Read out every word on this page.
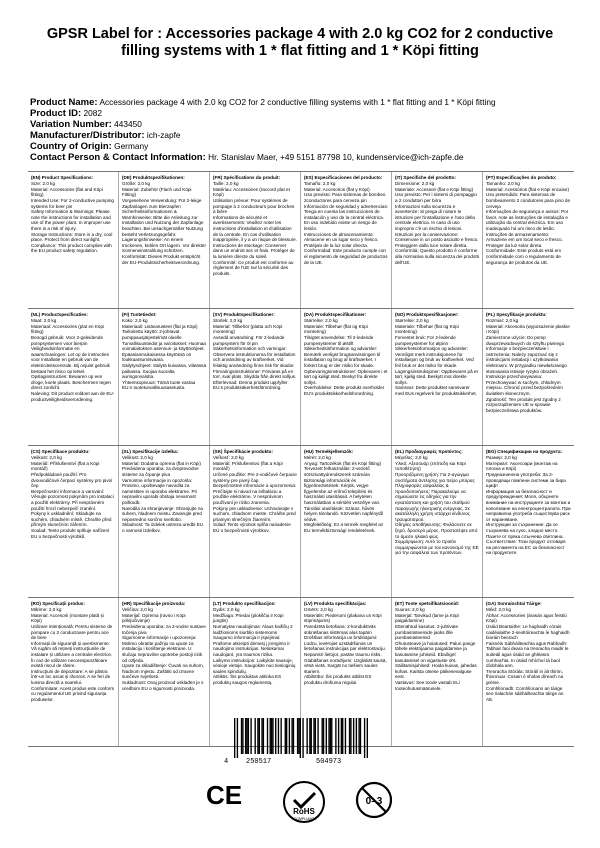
GPSR Label for : Accessories package 4 with 2.0 kg CO2 for 2 conductive filling systems with 1 * flat fitting and 1 * Köpi fitting
Product Name: Accessories package 4 with 2.0 kg CO2 for 2 conductive filling systems with 1 * flat fitting and 1 * Köpi fitting
Product ID: 2082
Variation Number: 443450
Manufacturer/Distributor: ich-zapfe
Country of Origin: Germany
Contact Person & Contact Information: Hr. Stanislav Maer, +49 5151 87798 10, kundenservice@ich-zapfe.de
(EN) Product Specifications:

Size: 2.0 kg
Material: Accessories (flat and Köpi fitting)
Intended Use: For 2-conductive pumping systems for beer pin
Safety Information & Warnings: Please note the instructions for installation and use of the power plant. In improper use there is a risk of injury.
Storage Instructions: Store in a dry, cool place. Protect from direct sunlight.
Compliance: This product complies with the EU product safety regulation.

(DE) Produktspezifikationen:

Größe: 2,0 kg
Material: Zubehör (Flach und Köpi Fitting)
Vorgesehene Verwendung: Für 2-leiige Zapfanlagen zum Bierzapfen
Sicherheitsinformationen & Warnhinweise: Bitte die Anleitung zur Installation und Nutzung der Zapfanlage beachten. Bei unsachgemäßer Nutzung besteht Verletzungsgefahr.
Lagerungshinweise: An einem trockenen, kühlen Ort lagern. Vor direkter Sonneneinstrahlung schützen.
Konformität: Dieses Produkt entspricht der EU-Produktsicherheitsverordnung.

(FR) Spécifications du produit:

Taille: 2,0 kg
Matériau: Accessoires (raccord plat et Köpi)
Utilisation prévue: Pour systèmes de pompage à 2 conducteurs pour broches à bière
Informations de sécurité et avertissements: Veuillez noter les instructions d'installation et d'utilisation de la centrale. En cas d'utilisation inappropriée, il y a un risque de blessure.
Instructions de stockage: Conserver dans un endroit sec et frais. Protéger de la lumière directe du soleil.
Conformité: Ce produit est conforme au règlement de l'UE sur la sécurité des produits.

(ES) Especificaciones del producto:

Tamaño: 2,0 kg
Material: Accesorios (flat y Köpi)
Uso previsto: Para sistemas de bombeo 2conductores para cerveza pin
Información de seguridad y advertencias: Tenga en cuenta las instrucciones de instalación y uso de la central eléctrica. En uso indebido existe un riesgo de lesión.
Instrucciones de almacenamiento: Almacene en un lugar seco y fresco. Protéjalo de la luz solar directa.
Conformidad: Este producto cumple con el reglamento de seguridad de productos de la UE.

(IT) Specifiche del prodotto:

Dimensione: 2,0 kg
Materiale: Accessori (flat e Köpi fitting)
Uso previsto: Per i sistemi di pompaggio a 2 conduttori per birra
Informazioni sulla sicurezza e avvertenze: Si prega di notare le istruzioni per l'installazione e l'uso della centrale elettrica. In caso di uso improprio c'è un rischio di lesioni.
Istruzioni per la conservazione: Conservare in un posto asciutto e fresco. Proteggere dalla luce solare diretta.
Conformità: Questo prodotto è conforme alla normativa sulla sicurezza dei prodotti dell'UE.

(PT) Especificações do produto:

Tamanho: 2,0 kg
Material: Acessórios (flat e Köpi encaixe)
Uso pretendido: Para sistemas de bombeamento 2 condutores para pino de cerveja
Informações de segurança e avisos: Por favor, note as instruções de instalação e utilização da central eléctrica. Em uso inadequado há um risco de lesão.
Instruções de armazenamento: Armazene em um local seco e fresco. Proteger da luz solar direta.
Conformidade: Este produto está em conformidade com o regulamento de segurança de produtos da UE.

(NL) Productspecificaties:

Maat: 2,0 kg
Materiaal: Accessoires (plat en Köpi fitting)
Beoogd gebruik: Voor 2-geleidende pompsystemen voor bierpin
Veiligheidsinformatie en waarschuwingen: Let op de instructies voor installatie en gebruik van de elektriciteitscentrale. Bij onjuist gebruik bestaat het risico op letsel.
Opslaginstructies: Bewaren op een droge, koele plaats. Beschermen tegen direct zonlicht.
Naleving: Dit product voldoet aan de EU-productveiligheidsverordening.

(FI) Tuotetiedot:

Koko: 2,0 kg
Materiaali: Lisävarusteet (flat ja Köpi)
Tarkoitettu käyttö: 2-johtavat pumppausjärjestelmät oluelle
Turvallisuustiedot ja varoitukset: Huomaa voimalaitoksen asennus- ja käyttöohjeet. Epäasianmukaisessa käytössä on loukkaantumisvaara.
Säilytysohjeet: Säilytä kuivassa, viileässä paikassa. Suojaa suoralta auringonvalolta.
Yhteensopivuus: Tämä tuote vastaa EU:n tuoteturvallisuusasetusta.

(SV) Produktspecifikationer:

Storlek: 2,0 kg
Material: Tillbehör (platta och Köpi montering)
Avsedd användning: För 2-ledande pumpsystem för öl pin
Säkerhetsinformation och varningar: Observera instruktionerna för installation och användning av kraftverket. Vid felaktig användning finns risk för skador.
Förvaringsinstruktioner: Förvaras på en torr, sval plats. Skydda från direkt solljus.
Efterlevnad: Denna produkt uppfyller EU:s produktsäkerhetsförordning.

(DA) Produktspecifikationer:

Størrelse: 2,0 kg
Materiale: Tilbehør (flat og Köpi montering)
Tilsigtet anvendelse: Til 2-ledende pumpesystemer til ølstift
Sikkerhedsinformation og advarsler: Bemærk venligst brugsanvisningen til installation og brug af kraftværket. I forkert brug er der risiko for skade.
Opbevaringsinstruktioner: Opbevares i et tørt og køligt sted. Beskyt fra direkte sollys.
Overholdelse: Dette produkt overholder EU's produktsikkerhedsforordning.

(NO) Produktspesifikasjoner:

Størrelse: 2,0 kg
Materiale: Tilbehør (flat og Köpi montering)
Forventet bruk: For 2-ledende pumpesystemer for ølpinn
Sikkerhetsinformasjon og advarsler: Vennligst merk instruksjonene for installasjon og bruk av kraftverket. Ved feil bruk er det risiko for skade.
Lagringsinstruksjoner: Oppbevares på et tørt, kjølig sted. Beskytt mot direkte sollys.
Samsvar: Dette produktet samsvarer med EUs regelverk for produktsikkerhet.

(PL) Specyfikacje produktu:

Rozmiar: 2,0 kg
Materiał: Akcesoria (wyposażenie płaskie i Köpi)
Zamierzone użycie: Do pomp dwuprzewodowych do sztyftu piwnego
Informacje o bezpieczeństwie i ostrzeżenia: Należy zapoznać się z instrukcjami instalacji i użytkowania elektrowni. W przypadku niewłaściwego stosowania istnieje ryzyko obrażeń.
Instrukcje przechowywania: Przechowywać w suchym, chłodnym miejscu. Chronić przed bezpośrednim światłem słonecznym.
Zgodność: Ten produkt jest zgodny z rozporządzeniem UE w sprawie bezpieczeństwa produktów.

(CS) Specifikace produktu:

Velikost: 2,0 kg
Materiál: Příslušenství (flat a Köpi montáž)
Předpokládané použití: Pro dvouvodičové čerpací systémy pro pivní čep
Bezpečnostní informace a varování: Věnujte pozornost pokynům pro instalaci a použití elektrárny. Při nesprávném použití hrozí nebezpečí zranění.
Pokyny k uskladnění: Skladujte na suchém, chladném místě. Chraňte před přímým slunečním zářením.
Soulad: Tento produkt splňuje nařízení EU o bezpečnosti výrobků.

(SL) Specifikacije izdelka:

Velikost: 2,0 kg
Material: Dodatna oprema (flat in Köpi)
Predvidena uporaba: za dvoprevodne sisteme za črpanje piva
Varnostne informacije in opozorila: Prosimo, upoštevajte navodila za namestitev in uporabo elektrarne. Pri nepravilni uporabi obstaja nevarnost poškodb.
Navodila za shranjevanje: Shranjujte na suhem, hladnem mestu. Zavarujte pred neposredno sončno svetlobo.
Skladnost: Ta izdelek ustreza uredbi EU o varnosti izdelkov.

(SK) Špecifikácie produktu:

Veľkosť: 2,0 kg
Materiál: Príslušenstvo (flat a Köpi montáž)
Určené použitie: Pre 2-vodičové čerpacie systémy pre pivný čap
Bezpečnostné informácie a upozornenia: Prečítajte si návod na inštaláciu a použitie elektrárne. V nesprávnom používaní je riziko zranenia.
Pokyny pre uskladnenie: Uchovávajte v suchom, chladnom mieste. Chráňte pred priamym slnečným žiarením.
Súlad: Tento výrobok spĺňa nariadenie EÚ o bezpečnosti výrobkov.

(HU) Termékjellemzők:

Méret: 2,0 kg
Anyag: Tartozékok (flat és Köpi fitting)
Tervezett felhasználás: 2-vezető sörszivattyúrendszerek számára
Biztonsági információk és figyelmeztetések: Kérjük, vegye figyelembe az erőmű telepítési és használati utasításait. A helytelen használatban a sérülés veszélye van.
Tárolási utasítások: Száraz, hűvös helyen tárolandó. Közvetlen napfénytől védve.
Megfelelőség: Ez a termék megfelel az EU termékbiztonsági rendeletének.

(EL) Προδιαγραφές προϊόντος:

Μέγεθος: 2,0 kg
Υλικό: Αξεσουάρ (επίπεδη και Köpi τοποθέτηση)
Προοριζόμενη χρήση: Για 2-αγώγιμα συστήματα άντλησης για πείρο μπύρας
Πληροφορίες ασφαλείας & προειδοποιήσεις: Παρακαλούμε να σημειώσετε τις οδηγίες για την εγκατάσταση και χρήση του σταθμού παραγωγής ηλεκτρικής ενέργειας. Σε ακατάλληλη χρήση υπάρχει κίνδυνος τραυματισμού.
Οδηγίες αποθήκευσης: Φυλάσσετε σε ξηρό, δροσερό μέρος. Προστατέψτε από το άμεσο ηλιακό φως.
Συμμόρφωση: Αυτό το προϊόν συμμορφώνεται με τον κανονισμό της ΕΕ για την ασφάλεια των προϊόντων.

(BG) Спецификации на продукта:

Размер: 2,0 kg
Материал: Аксесоари (монтаж на плоска и Кöpi)
Предназначена употреба: За 2-проводящи помпени системи за бира щифт
Информация за безопасност и предупреждения: Моля, обърнете внимание на инструкциите за монтаж и използване на електроцентралата. При неправилна употреба съществува риск от нараняване.
Инструкции за съхранение: Да се съхранява на сухо, хладно място. Пазете от пряка слънчева светлина.
Съответствие: Този продукт отговаря на регламента на ЕС за безопасност на продуктите.

(RO) Specificații produs:

Mărime: 2,0 kg
Material: Accesorii (montare plată și Köpi)
Utilizare intenționată: Pentru sisteme de pompare cu 2 conductoare pentru ace de bere
Informații de siguranță și avertismente: Vă rugăm să rețineți instrucțiunile de instalare și utilizare a centralei electrice. În caz de utilizare necorespunzătoare există riscul de rănire.
Instrucțiuni de depozitare: A se păstra într-un loc uscat și răcoros. A se feri de lumina directă a soarelui.
Conformitate: Acest produs este conform cu regulamentul UE privind siguranța produselor.

(HR) Specifikacije proizvoda:

Veličina: 2,0 kg
Materijal: Oprema (ravno i Köpi priključivanje)
Predviđena uporaba: za 2-vodne sustave točenja piva
Sigurnosne informacije i upozorenja: Molimo obratite pažnju na upute za instalaciju i korištenje elektrane. U slučaju nepravilne upotrebe postoji rizik od ozljeda.
Upute za skladištenje: Čuvati na suhom, hladnom mjestu. Zaštititi od izravne sunčeve svjetlosti.
Sukladnost: Ovaj proizvod usklađen je s uredbom EU o sigurnosti proizvoda.

(LT) Produkto specifikacijos:

Dydis: 2,0 kg
Medžiaga: Priedai (plokščia ir Köpi jungtis)
Numatytas naudojimas: Alaus kaiščių 2 laidžiosioms siurblio sistemoms
Saugumo informacija ir įspėjimai: Prašome atkreipti dėmesį į įrengimo ir naudojimo instrukcijas. Netinkamai naudojant, yra traumos rizika.
Laikymo instrukcijos: Laikykite sausoje, vėsioje vietoje. Saugokite nuo tiesioginių saulės spindulių.
Atitiktis: Šis produktas atitinka ES produktų saugos reglamentą.

(LV) Produkta specifikācijas:

Izmērs: 2,0 kg
Materiāls: Piederumi (plakana un Köpi stiprinājums)
Paredzētā lietošana: 2-konduktīvās sūknēšanas sistēmas alus tapām
Drošības informācija un brīdinājumi: Lūdzu, ievērojiet uzstādīšanas un lietošanas instrukcijas par elektrostaciju. Nepareizi lietojot, pastāv traumu risks.
Glabāšanas norādījumi: Uzglabāt sausā, vēsā vietā. Sargāt no tiešiem saules stariem.
Atbilstība: Šis produkts atbilst ES produktu drošuma regulai.

(ET) Toote spetsifikatsioonid:

Suurus: 2,0 kg
Materjal: Tarvikud (lame ja Köpi paigaldamine)
Ettenähtud kasutus: 2-juhtivate pumbasüsteemide jaoks õlle pumbasüsteemid
Ohutusteave ja hoiatused: Palun pange tähele elektrijaama paigaldamise ja kasutamise juhiseid. Ebaõigel kasutamisel on vigastuste oht.
Säilitamisjuhised: Hoida kuivas, jahedas kohas. Kaitsta otsese päikesevalguse eest.
Vastavus: See toode vastab ELi tooteohutusmäärusele.

(GA) Sonraíochtaí Táirge:

Méid: 2,0 kg
Ábhar: Accessories (árasán agus feistiú Köpi)
Úsáid Beartaithe: Le haghaidh córais caidéalaithe 2-seoltóireachta le haghaidh bioráin beorach
Faisnéis Sábháilteachta agus Rabhadh: Tabhair faoi deara na treoracha maidir le suiteáil agus úsáid an ghléasra cumhachta. In úsáid mhíchuí tá baol díobhála ann.
Treoracha Stórála: Stóráil in áit thirim, fhionnuar. Cosain ó sholas díreach na gréine.
Comhlíonadh: Comhlíonann an táirge seo rialachán sábháilteachta táirge an AE.

4	250517	504973
CE
RoHS
COMPLIANT
0–3
